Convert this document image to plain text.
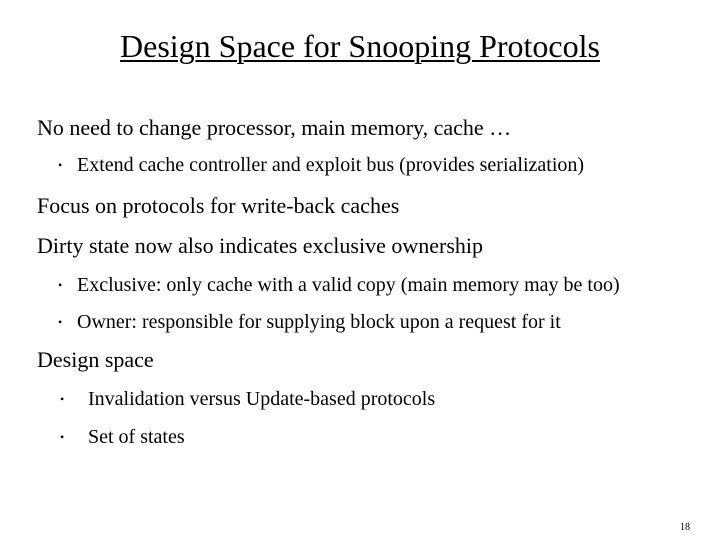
Design Space for Snooping Protocols
No need to change processor, main memory, cache …
• Extend cache controller and exploit bus (provides serialization)
Focus on protocols for write-back caches
Dirty state now also indicates exclusive ownership
• Exclusive: only cache with a valid copy (main memory may be too)
• Owner: responsible for supplying block upon a request for it
Design space
• Invalidation versus Update-based protocols
• Set of states
18
